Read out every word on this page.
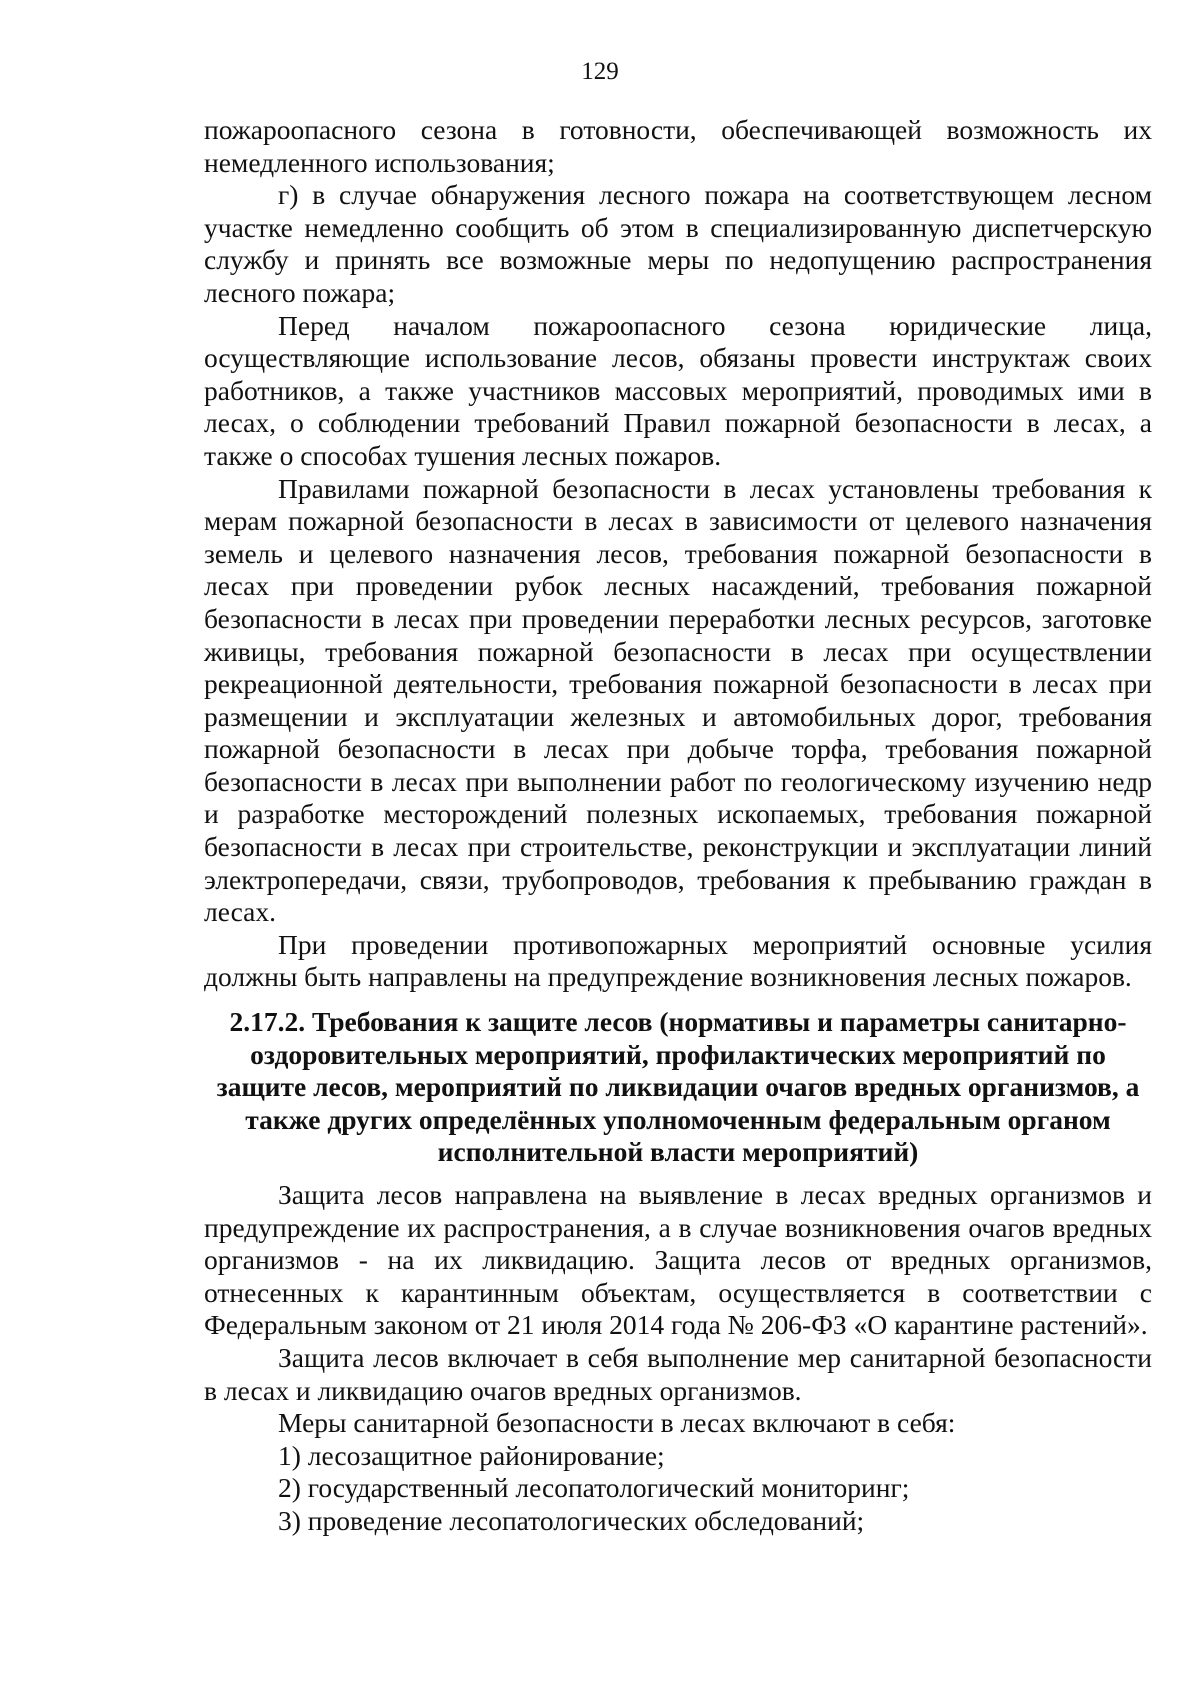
129

пожароопасного сезона в готовности, обеспечивающей возможность их немедленного использования;

г) в случае обнаружения лесного пожара на соответствующем лесном участке немедленно сообщить об этом в специализированную диспетчерскую службу и принять все возможные меры по недопущению распространения лесного пожара;

Перед началом пожароопасного сезона юридические лица, осуществляющие использование лесов, обязаны провести инструктаж своих работников, а также участников массовых мероприятий, проводимых ими в лесах, о соблюдении требований Правил пожарной безопасности в лесах, а также о способах тушения лесных пожаров.

Правилами пожарной безопасности в лесах установлены требования к мерам пожарной безопасности в лесах в зависимости от целевого назначения земель и целевого назначения лесов, требования пожарной безопасности в лесах при проведении рубок лесных насаждений, требования пожарной безопасности в лесах при проведении переработки лесных ресурсов, заготовке живицы, требования пожарной безопасности в лесах при осуществлении рекреационной деятельности, требования пожарной безопасности в лесах при размещении и эксплуатации железных и автомобильных дорог, требования пожарной безопасности в лесах при добыче торфа, требования пожарной безопасности в лесах при выполнении работ по геологическому изучению недр и разработке месторождений полезных ископаемых, требования пожарной безопасности в лесах при строительстве, реконструкции и эксплуатации линий электропередачи, связи, трубопроводов, требования к пребыванию граждан в лесах.

При проведении противопожарных мероприятий основные усилия должны быть направлены на предупреждение возникновения лесных пожаров.

2.17.2. Требования к защите лесов (нормативы и параметры санитарно-оздоровительных мероприятий, профилактических мероприятий по защите лесов, мероприятий по ликвидации очагов вредных организмов, а также других определённых уполномоченным федеральным органом исполнительной власти мероприятий)

Защита лесов направлена на выявление в лесах вредных организмов и предупреждение их распространения, а в случае возникновения очагов вредных организмов - на их ликвидацию. Защита лесов от вредных организмов, отнесенных к карантинным объектам, осуществляется в соответствии с Федеральным законом от 21 июля 2014 года № 206-ФЗ «О карантине растений».

Защита лесов включает в себя выполнение мер санитарной безопасности в лесах и ликвидацию очагов вредных организмов.

Меры санитарной безопасности в лесах включают в себя:

1) лесозащитное районирование;

2) государственный лесопатологический мониторинг;

3) проведение лесопатологических обследований;
